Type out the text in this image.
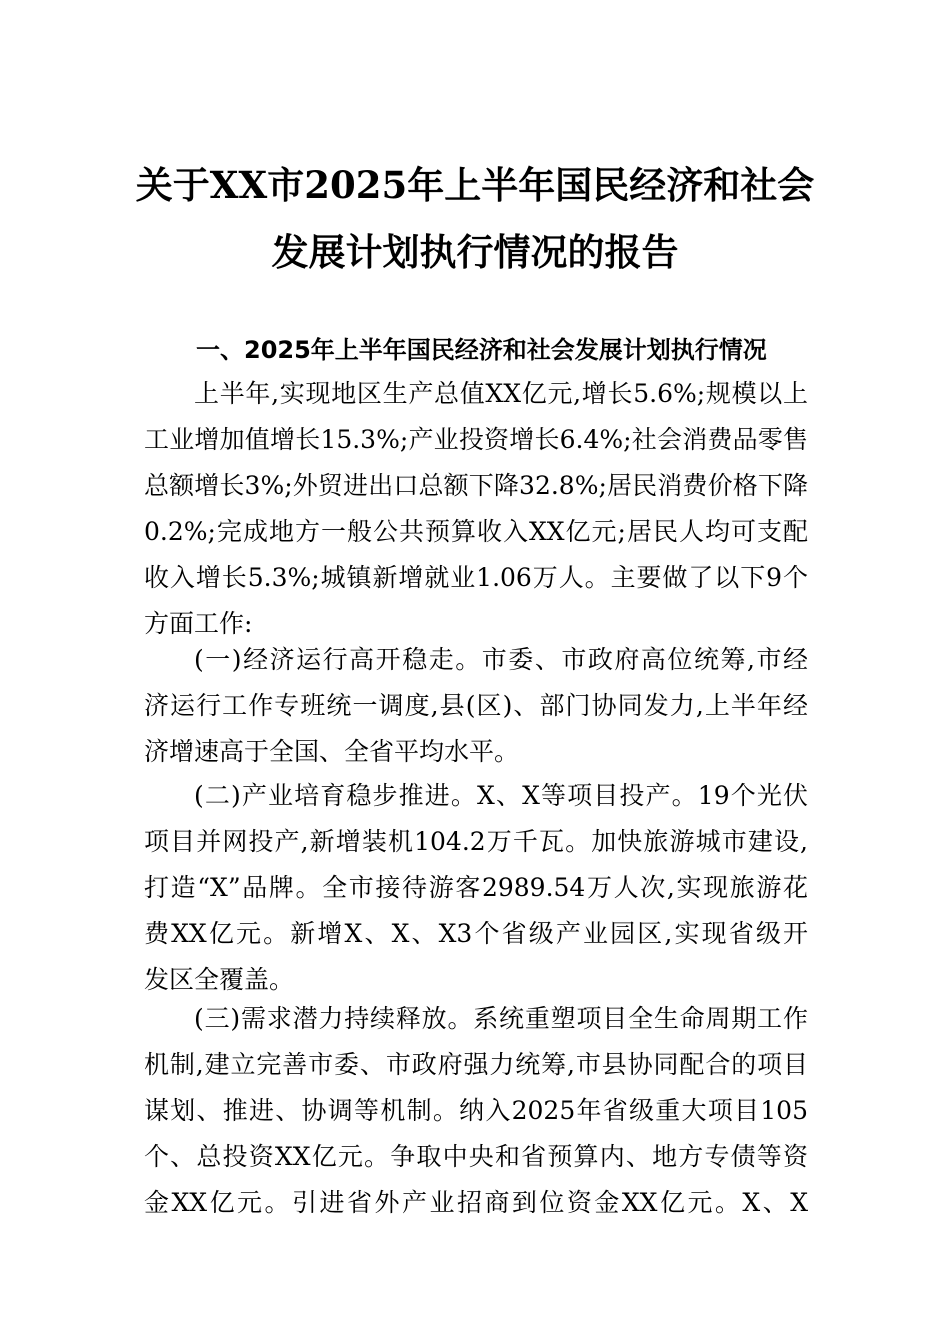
关于XX市2025年上半年国民经济和社会
发展计划执行情况的报告
一、2025年上半年国民经济和社会发展计划执行情况
上半年,实现地区生产总值XX亿元,增长5.6%;规模以上
工业增加值增长15.3%;产业投资增长6.4%;社会消费品零售
总额增长3%;外贸进出口总额下降32.8%;居民消费价格下降
0.2%;完成地方一般公共预算收入XX亿元;居民人均可支配
收入增长5.3%;城镇新增就业1.06万人。主要做了以下9个
方面工作:
(一)经济运行高开稳走。市委、市政府高位统筹,市经
济运行工作专班统一调度,县(区)、部门协同发力,上半年经
济增速高于全国、全省平均水平。
(二)产业培育稳步推进。X、X等项目投产。19个光伏
项目并网投产,新增装机104.2万千瓦。加快旅游城市建设,
打造“X”品牌。全市接待游客2989.54万人次,实现旅游花
费XX亿元。新增X、X、X3个省级产业园区,实现省级开
发区全覆盖。
(三)需求潜力持续释放。系统重塑项目全生命周期工作
机制,建立完善市委、市政府强力统筹,市县协同配合的项目
谋划、推进、协调等机制。纳入2025年省级重大项目105
个、总投资XX亿元。争取中央和省预算内、地方专债等资
金XX亿元。引进省外产业招商到位资金XX亿元。X、X
